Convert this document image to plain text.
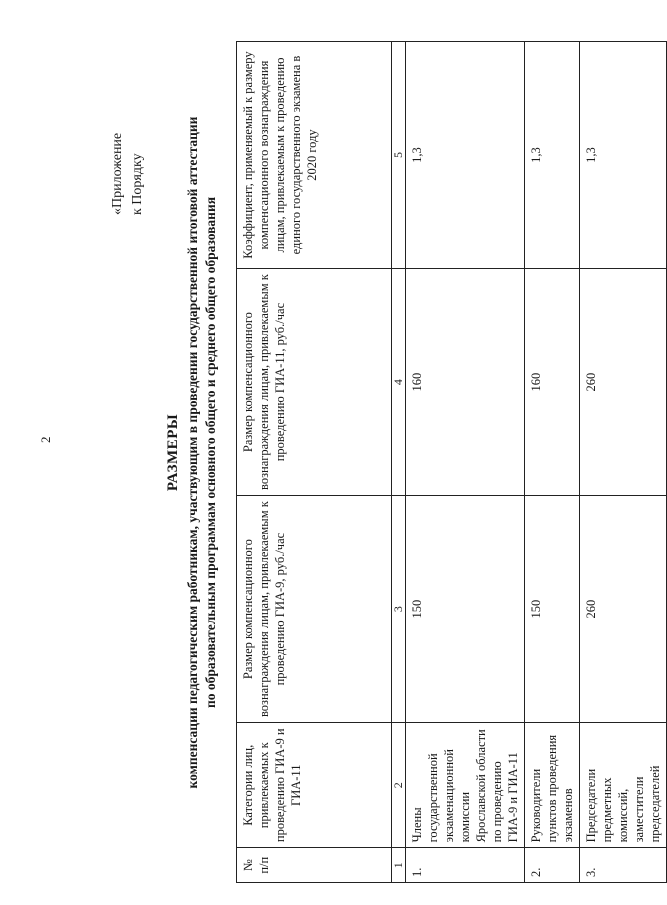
2
«Приложение к Порядку
РАЗМЕРЫ компенсации педагогическим работникам, участвующим в проведении государственной итоговой аттестации по образовательным программам основного общего и среднего общего образования
№ п/п	Категории лиц, привлекаемых к проведению ГИА-9 и ГИА-11	Размер компенсационного вознаграждения лицам, привлекаемым к проведению ГИА-9, руб./час	Размер компенсационного вознаграждения лицам, привлекаемым к проведению ГИА-11, руб./час	Коэффициент, применяемый к размеру компенсационного вознаграждения лицам, привлекаемым к проведению единого государственного экзамена в 2020 году
1	2	3	4	5
1.	Члены государственной экзаменационной комиссии Ярославской области по проведению ГИА-9 и ГИА-11	150	160	1,3
2.	Руководители пунктов проведения экзаменов	150	160	1,3
3.	Председатели предметных комиссий, заместители председателей	260	260	1,3
